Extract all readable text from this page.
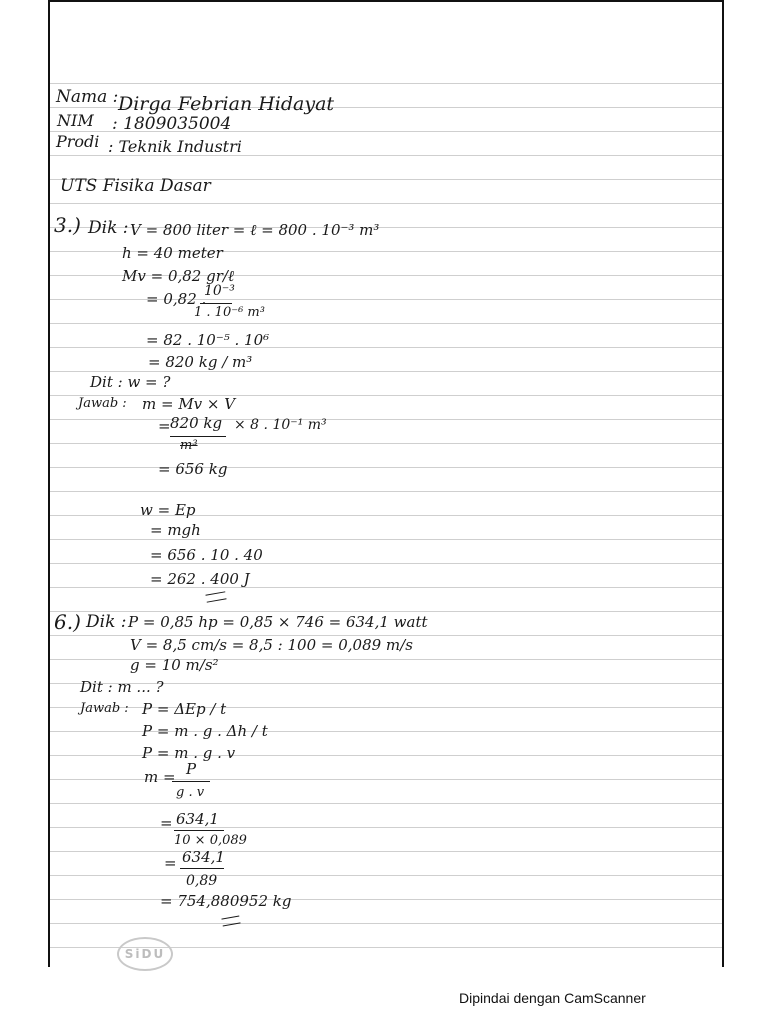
Nama : Dirga Febrian Hidayat
NIM : 1809035004
Prodi : Teknik Industri
UTS Fisika Dasar
3.) Dik : V = 800 liter = ℓ = 800 . 10⁻³ m³
h = 40 meter
Mv = 0,82 gr/ℓ
= 0,82 .
10⁻³
1 . 10⁻⁶ m³
= 82 . 10⁻⁵ . 10⁶
= 820 kg / m³
Dit : w = ?
Jawab : m = Mv × V
= 820 kg
m³
× 8 . 10⁻¹ m³
= 656 kg
w = Ep
= mgh
= 656 . 10 . 40
= 262 . 400 J
6.) Dik : P = 0,85 hp = 0,85 × 746 = 634,1 watt
V = 8,5 cm/s = 8,5 : 100 = 0,089 m/s
g = 10 m/s²
Dit : m ... ?
Jawab : P = ΔEp / t
P = m . g . Δh / t
P = m . g . v
m = P
g . v
= 634,1
10 × 0,089
= 634,1
0,89
= 754,880952 kg
SiDU
Dipindai dengan CamScanner
